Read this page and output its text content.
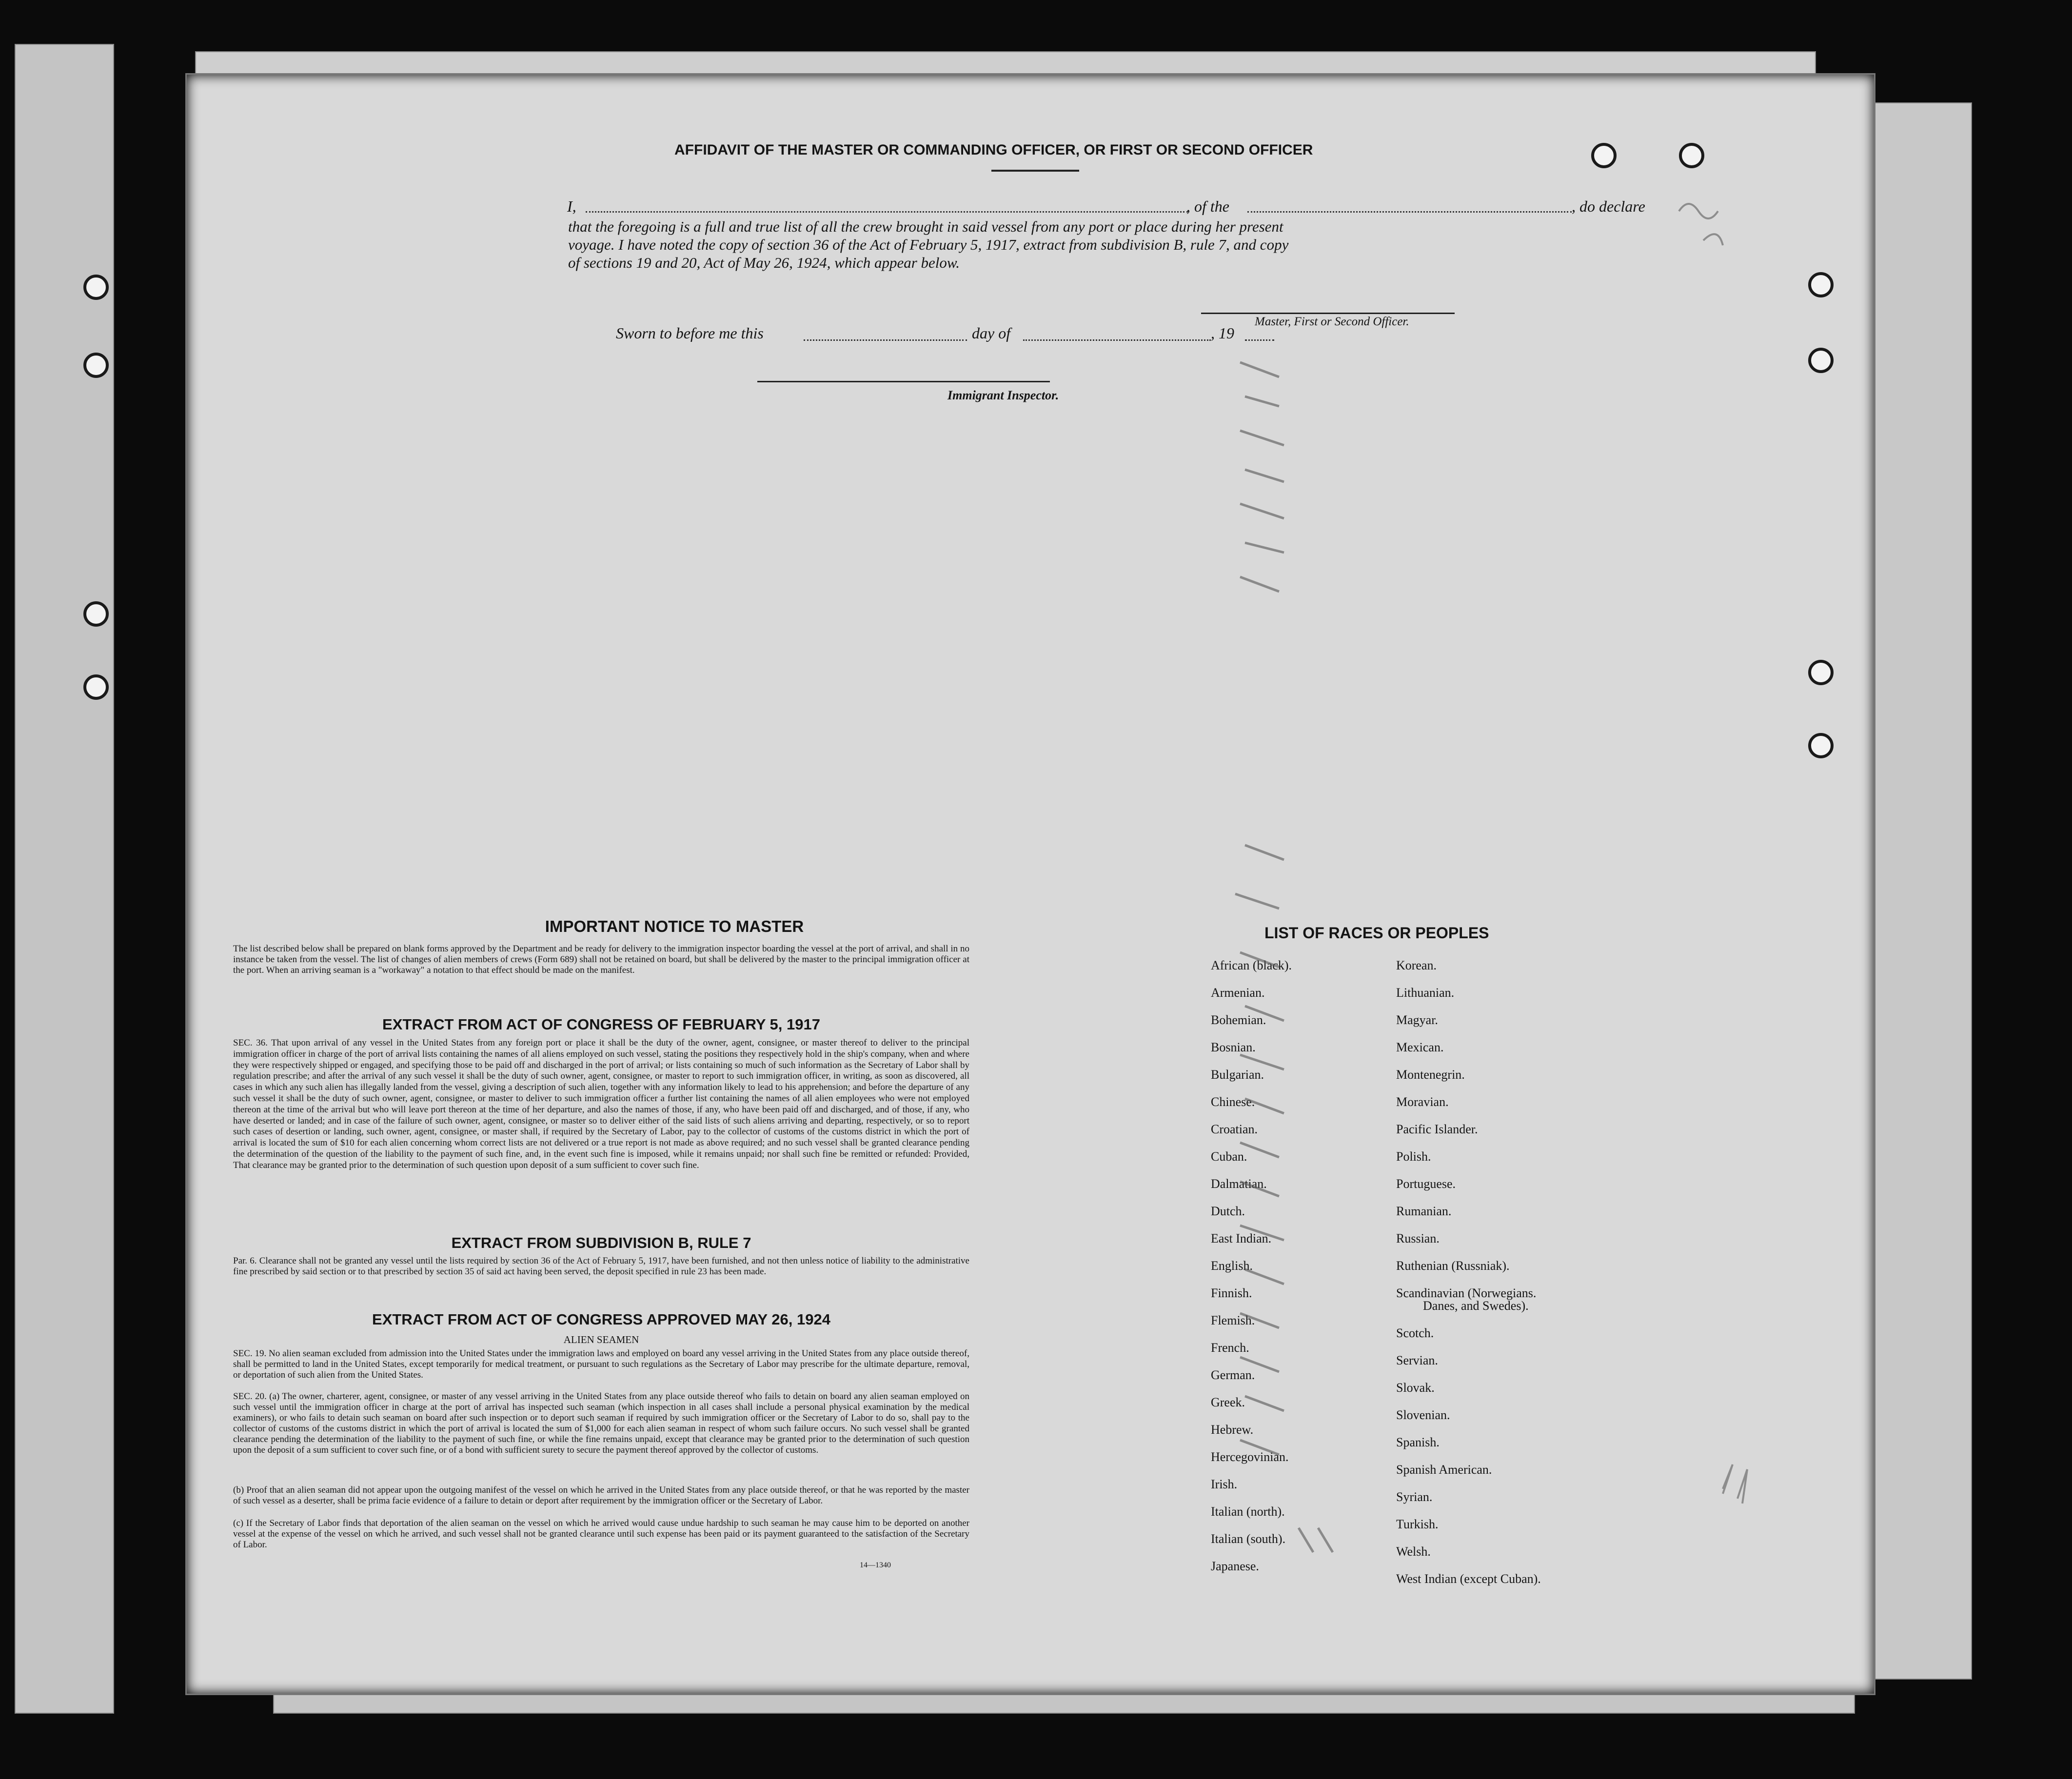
AFFIDAVIT OF THE MASTER OR COMMANDING OFFICER, OR FIRST OR SECOND OFFICER
I,	, of the	, do declare
that the foregoing is a full and true list of all the crew brought in said vessel from any port or place during her present
voyage. I have noted the copy of section 36 of the Act of February 5, 1917, extract from subdivision B, rule 7, and copy
of sections 19 and 20, Act of May 26, 1924, which appear below.
Master, First or Second Officer.
Sworn to before me this	day of	, 19
Immigrant Inspector.
IMPORTANT NOTICE TO MASTER
The list described below shall be prepared on blank forms approved by the Department and be ready for delivery to the immigration inspector boarding the vessel at the port of arrival, and shall in no instance be taken from the vessel. The list of changes of alien members of crews (Form 689) shall not be retained on board, but shall be delivered by the master to the principal immigration officer at the port. When an arriving seaman is a "workaway" a notation to that effect should be made on the manifest.
EXTRACT FROM ACT OF CONGRESS OF FEBRUARY 5, 1917
SEC. 36. That upon arrival of any vessel in the United States from any foreign port or place it shall be the duty of the owner, agent, consignee, or master thereof to deliver to the principal immigration officer in charge of the port of arrival lists containing the names of all aliens employed on such vessel, stating the positions they respectively hold in the ship's company, when and where they were respectively shipped or engaged, and specifying those to be paid off and discharged in the port of arrival; or lists containing so much of such information as the Secretary of Labor shall by regulation prescribe; and after the arrival of any such vessel it shall be the duty of such owner, agent, consignee, or master to report to such immigration officer, in writing, as soon as discovered, all cases in which any such alien has illegally landed from the vessel, giving a description of such alien, together with any information likely to lead to his apprehension; and before the departure of any such vessel it shall be the duty of such owner, agent, consignee, or master to deliver to such immigration officer a further list containing the names of all alien employees who were not employed thereon at the time of the arrival but who will leave port thereon at the time of her departure, and also the names of those, if any, who have been paid off and discharged, and of those, if any, who have deserted or landed; and in case of the failure of such owner, agent, consignee, or master so to deliver either of the said lists of such aliens arriving and departing, respectively, or so to report such cases of desertion or landing, such owner, agent, consignee, or master shall, if required by the Secretary of Labor, pay to the collector of customs of the customs district in which the port of arrival is located the sum of $10 for each alien concerning whom correct lists are not delivered or a true report is not made as above required; and no such vessel shall be granted clearance pending the determination of the question of the liability to the payment of such fine, and, in the event such fine is imposed, while it remains unpaid; nor shall such fine be remitted or refunded: Provided, That clearance may be granted prior to the determination of such question upon deposit of a sum sufficient to cover such fine.
EXTRACT FROM SUBDIVISION B, RULE 7
Par. 6. Clearance shall not be granted any vessel until the lists required by section 36 of the Act of February 5, 1917, have been furnished, and not then unless notice of liability to the administrative fine prescribed by said section or to that prescribed by section 35 of said act having been served, the deposit specified in rule 23 has been made.
EXTRACT FROM ACT OF CONGRESS APPROVED MAY 26, 1924
ALIEN SEAMEN
SEC. 19. No alien seaman excluded from admission into the United States under the immigration laws and employed on board any vessel arriving in the United States from any place outside thereof, shall be permitted to land in the United States, except temporarily for medical treatment, or pursuant to such regulations as the Secretary of Labor may prescribe for the ultimate departure, removal, or deportation of such alien from the United States.
SEC. 20. (a) The owner, charterer, agent, consignee, or master of any vessel arriving in the United States from any place outside thereof who fails to detain on board any alien seaman employed on such vessel until the immigration officer in charge at the port of arrival has inspected such seaman (which inspection in all cases shall include a personal physical examination by the medical examiners), or who fails to detain such seaman on board after such inspection or to deport such seaman if required by such immigration officer or the Secretary of Labor to do so, shall pay to the collector of customs of the customs district in which the port of arrival is located the sum of $1,000 for each alien seaman in respect of whom such failure occurs. No such vessel shall be granted clearance pending the determination of the liability to the payment of such fine, or while the fine remains unpaid, except that clearance may be granted prior to the determination of such question upon the deposit of a sum sufficient to cover such fine, or of a bond with sufficient surety to secure the payment thereof approved by the collector of customs.
(b) Proof that an alien seaman did not appear upon the outgoing manifest of the vessel on which he arrived in the United States from any place outside thereof, or that he was reported by the master of such vessel as a deserter, shall be prima facie evidence of a failure to detain or deport after requirement by the immigration officer or the Secretary of Labor.
(c) If the Secretary of Labor finds that deportation of the alien seaman on the vessel on which he arrived would cause undue hardship to such seaman he may cause him to be deported on another vessel at the expense of the vessel on which he arrived, and such vessel shall not be granted clearance until such expense has been paid or its payment guaranteed to the satisfaction of the Secretary of Labor.
14—1340
LIST OF RACES OR PEOPLES
African (black).
Armenian.
Bohemian.
Bosnian.
Bulgarian.
Chinese.
Croatian.
Cuban.
Dalmatian.
Dutch.
East Indian.
English.
Finnish.
Flemish.
French.
German.
Greek.
Hebrew.
Hercegovinian.
Irish.
Italian (north).
Italian (south).
Japanese.
Korean.
Lithuanian.
Magyar.
Mexican.
Montenegrin.
Moravian.
Pacific Islander.
Polish.
Portuguese.
Rumanian.
Russian.
Ruthenian (Russniak).
Scandinavian (Norwegians.
Danes, and Swedes).
Scotch.
Servian.
Slovak.
Slovenian.
Spanish.
Spanish American.
Syrian.
Turkish.
Welsh.
West Indian (except Cuban).
